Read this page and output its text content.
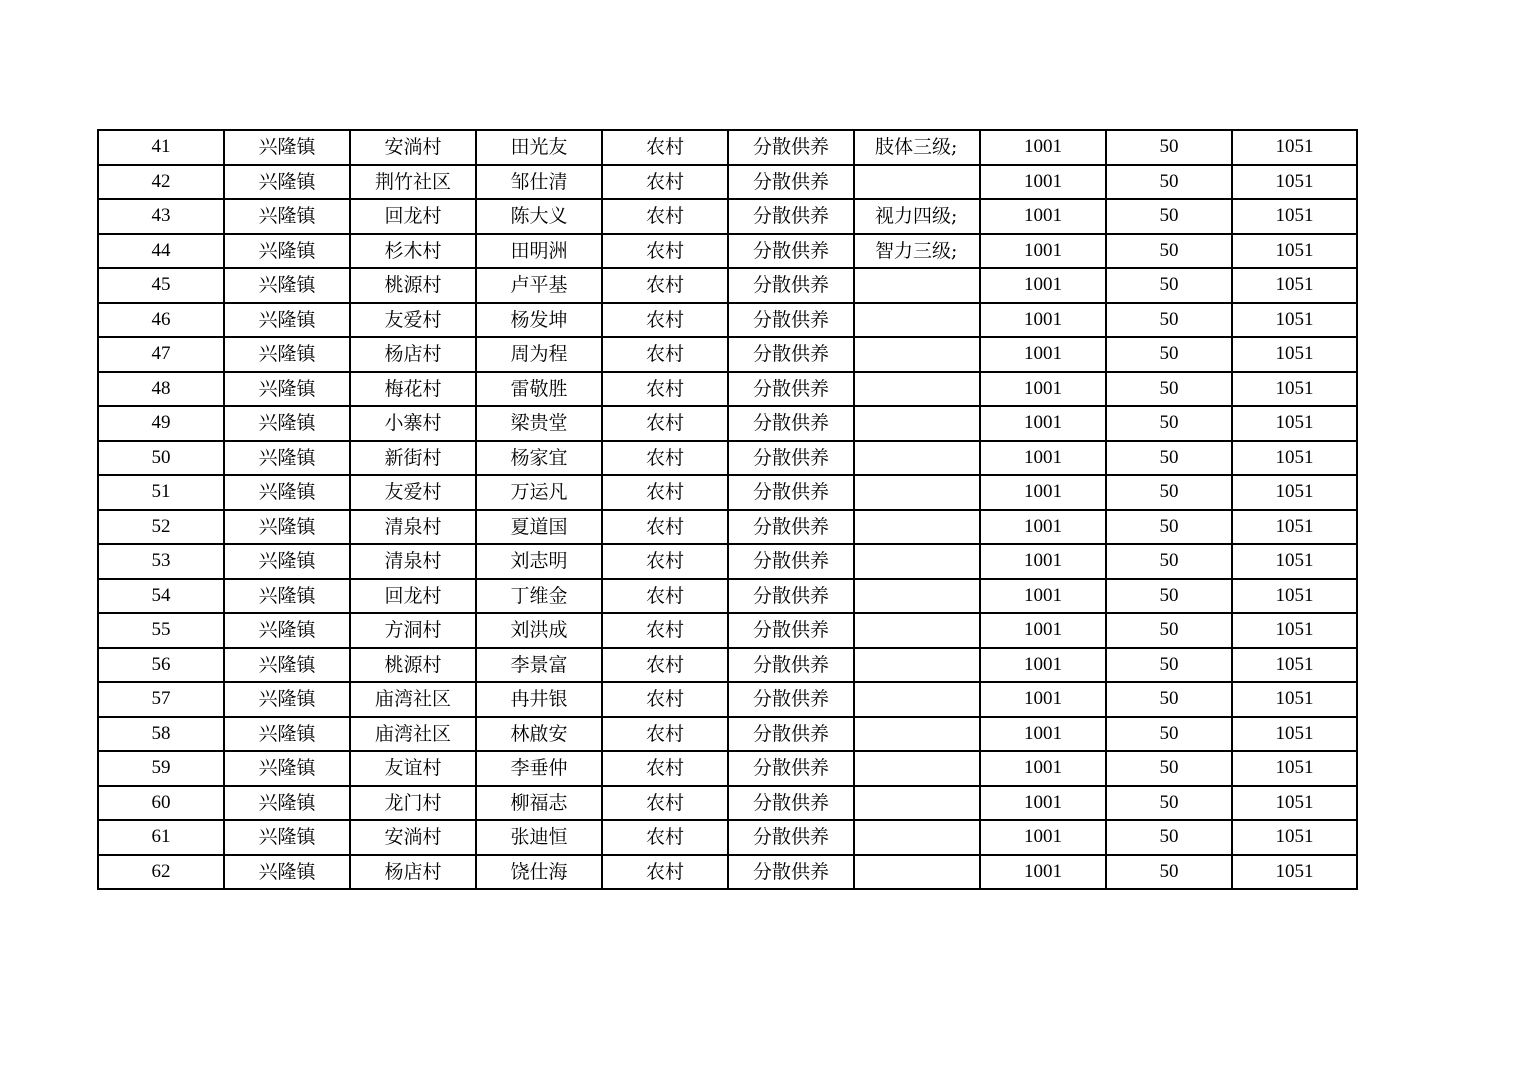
41	兴隆镇	安淌村	田光友	农村	分散供养	肢体三级;	1001	50	1051
42	兴隆镇	荆竹社区	邹仕清	农村	分散供养		1001	50	1051
43	兴隆镇	回龙村	陈大义	农村	分散供养	视力四级;	1001	50	1051
44	兴隆镇	杉木村	田明洲	农村	分散供养	智力三级;	1001	50	1051
45	兴隆镇	桃源村	卢平基	农村	分散供养		1001	50	1051
46	兴隆镇	友爱村	杨发坤	农村	分散供养		1001	50	1051
47	兴隆镇	杨店村	周为程	农村	分散供养		1001	50	1051
48	兴隆镇	梅花村	雷敬胜	农村	分散供养		1001	50	1051
49	兴隆镇	小寨村	梁贵堂	农村	分散供养		1001	50	1051
50	兴隆镇	新街村	杨家宜	农村	分散供养		1001	50	1051
51	兴隆镇	友爱村	万运凡	农村	分散供养		1001	50	1051
52	兴隆镇	清泉村	夏道国	农村	分散供养		1001	50	1051
53	兴隆镇	清泉村	刘志明	农村	分散供养		1001	50	1051
54	兴隆镇	回龙村	丁维金	农村	分散供养		1001	50	1051
55	兴隆镇	方洞村	刘洪成	农村	分散供养		1001	50	1051
56	兴隆镇	桃源村	李景富	农村	分散供养		1001	50	1051
57	兴隆镇	庙湾社区	冉井银	农村	分散供养		1001	50	1051
58	兴隆镇	庙湾社区	林啟安	农村	分散供养		1001	50	1051
59	兴隆镇	友谊村	李垂仲	农村	分散供养		1001	50	1051
60	兴隆镇	龙门村	柳福志	农村	分散供养		1001	50	1051
61	兴隆镇	安淌村	张迪恒	农村	分散供养		1001	50	1051
62	兴隆镇	杨店村	饶仕海	农村	分散供养		1001	50	1051
